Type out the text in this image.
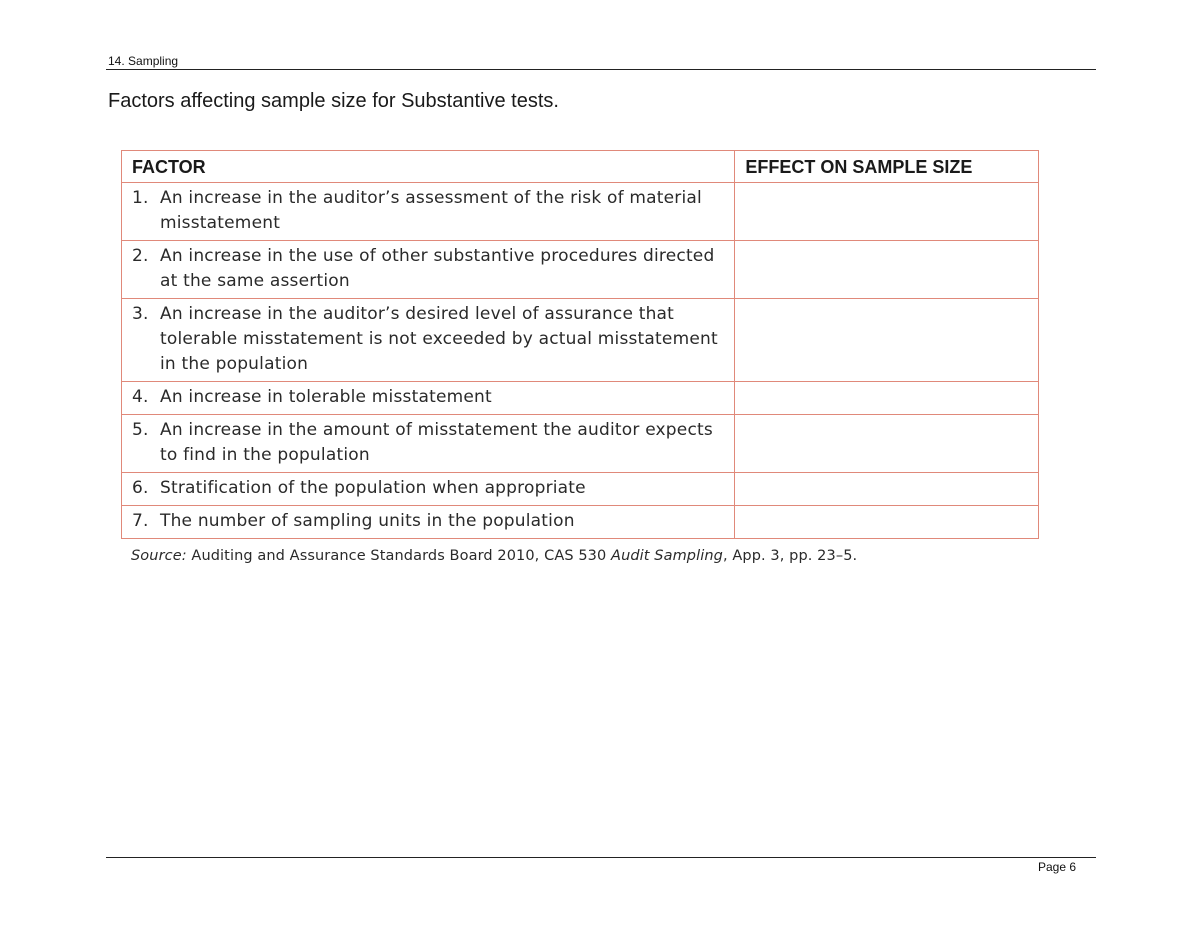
14. Sampling
Factors affecting sample size for Substantive tests.
FACTOR	EFFECT ON SAMPLE SIZE

1. An increase in the auditor’s assessment of the risk of material misstatement	

2. An increase in the use of other substantive procedures directed at the same assertion	

3. An increase in the auditor’s desired level of assurance that tolerable misstatement is not exceeded by actual misstatement in the population	

4. An increase in tolerable misstatement	

5. An increase in the amount of misstatement the auditor expects to find in the population	

6. Stratification of the population when appropriate	

7. The number of sampling units in the population	

Source: Auditing and Assurance Standards Board 2010, CAS 530 Audit Sampling, App. 3, pp. 23–5.
Page 6
